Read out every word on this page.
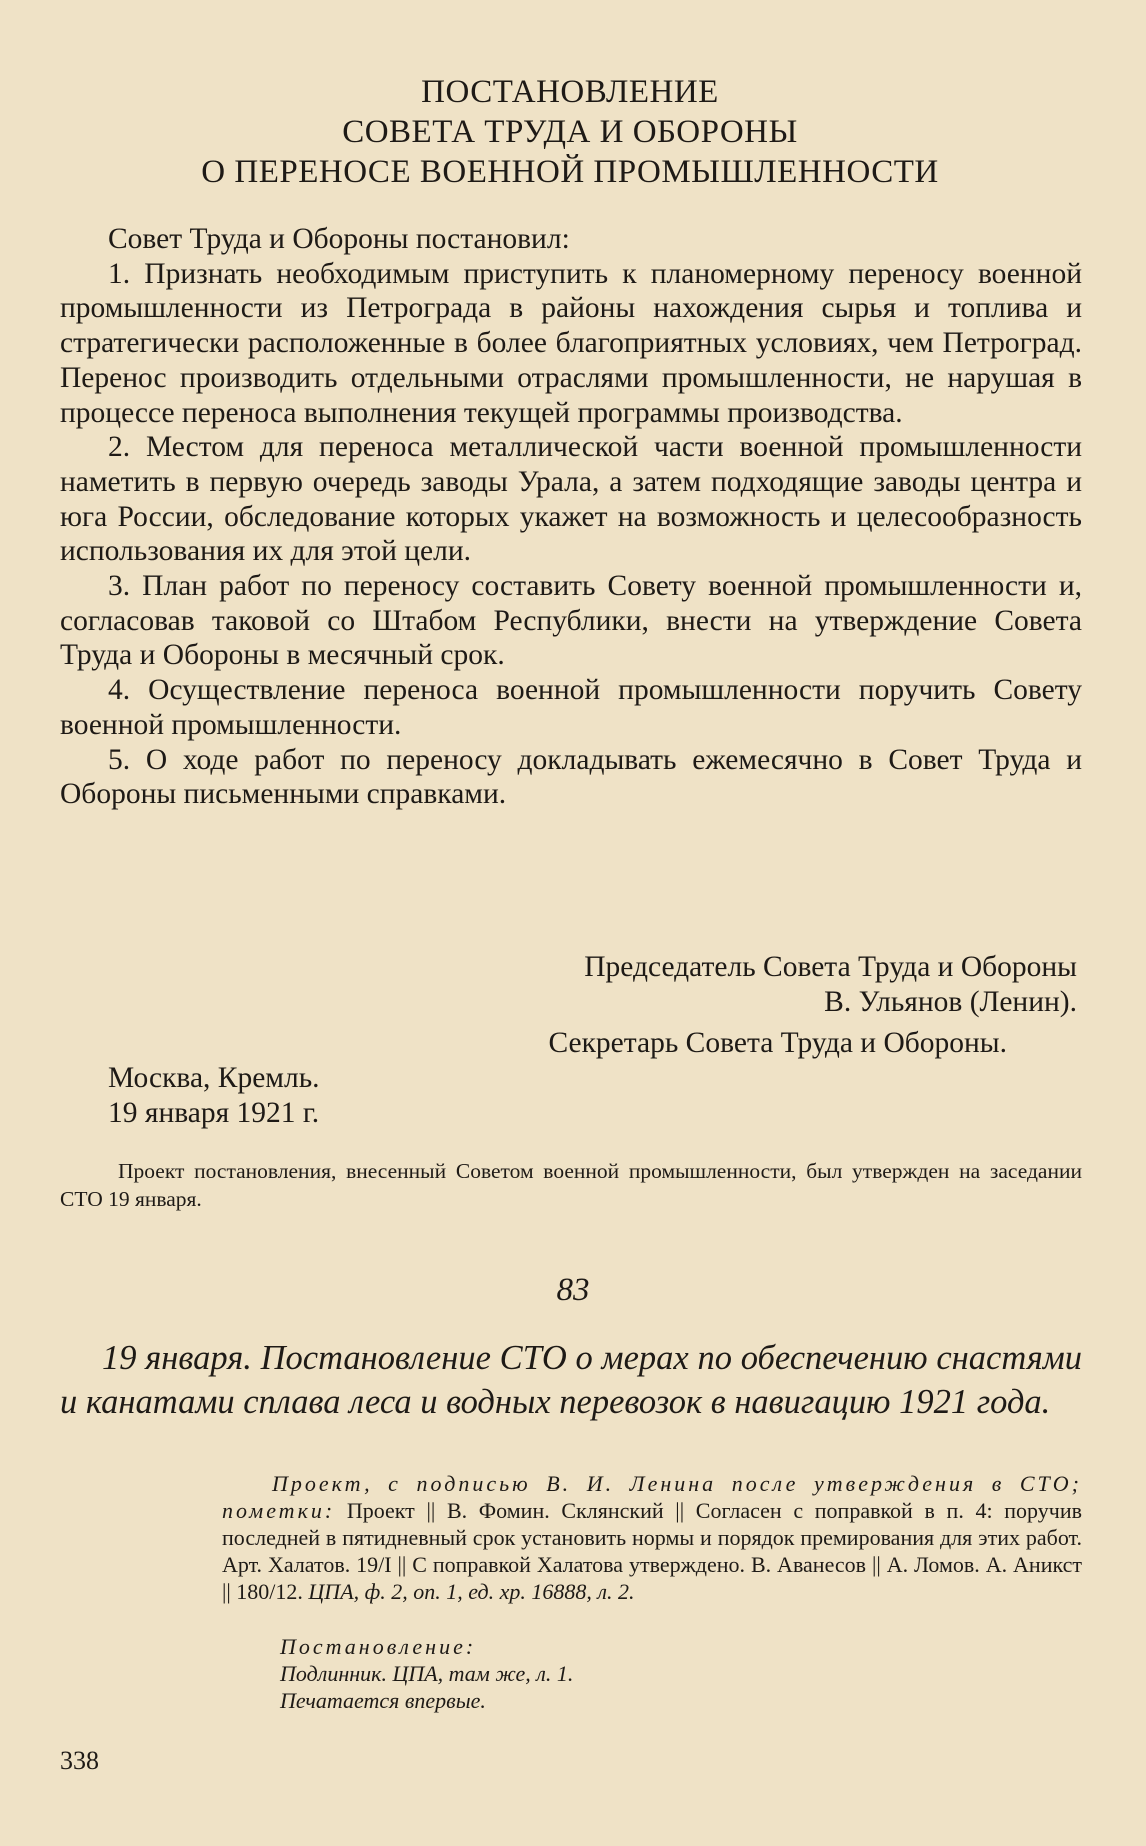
ПОСТАНОВЛЕНИЕ
СОВЕТА ТРУДА И ОБОРОНЫ
О ПЕРЕНОСЕ ВОЕННОЙ ПРОМЫШЛЕННОСТИ

Совет Труда и Обороны постановил:

1. Признать необходимым приступить к планомерному переносу военной промышленности из Петрограда в районы нахождения сырья и топлива и стратегически расположенные в более благоприятных условиях, чем Петроград. Перенос производить отдельными отраслями промышленности, не нарушая в процессе переноса выполнения текущей программы производства.

2. Местом для переноса металлической части военной промышленности наметить в первую очередь заводы Урала, а затем подходящие заводы центра и юга России, обследование которых укажет на возможность и целесообразность использования их для этой цели.

3. План работ по переносу составить Совету военной промышленности и, согласовав таковой со Штабом Республики, внести на утверждение Совета Труда и Обороны в месячный срок.

4. Осуществление переноса военной промышленности поручить Совету военной промышленности.

5. О ходе работ по переносу докладывать ежемесячно в Совет Труда и Обороны письменными справками.

Председатель Совета Труда и Обороны
В. Ульянов (Ленин).
Секретарь Совета Труда и Обороны.
Москва, Кремль.
19 января 1921 г.
Проект постановления, внесенный Советом военной промышленности, был утвержден на заседании СТО 19 января.
83
19 января. Постановление СТО о мерах по обеспечению снастями и канатами сплава леса и водных перевозок в навигацию 1921 года.
Проект, с подписью В. И. Ленина после утверждения в СТО; пометки: Проект || В. Фомин. Склянский || Согласен с поправкой в п. 4: поручив последней в пятидневный срок установить нормы и порядок премирования для этих работ. Арт. Халатов. 19/I || С поправкой Халатова утверждено. В. Аванесов || А. Ломов. А. Аникст || 180/12. ЦПА, ф. 2, оп. 1, ед. хр. 16888, л. 2.
Постановление:
Подлинник. ЦПА, там же, л. 1.
Печатается впервые.
338
